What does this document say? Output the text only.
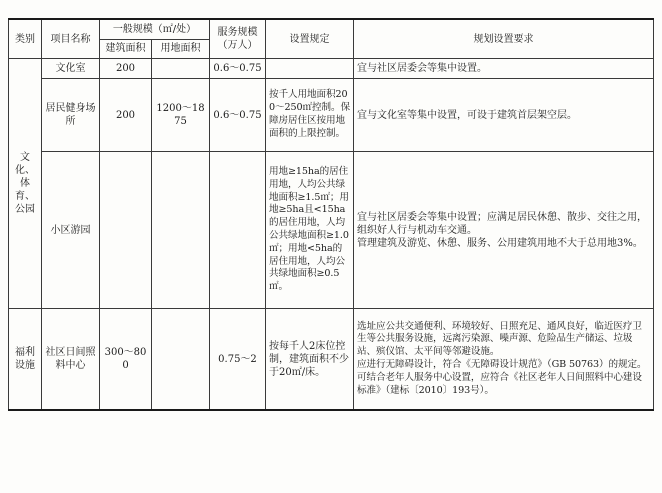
类别	项目名称	一般规模（㎡/处）		服务规模（万人）	设置规定	规划设置要求
		建筑面积	用地面积			
文化、体育、公园	文化室	200		0.6～0.75		宜与社区居委会等集中设置。

	居民健身场所	200	1200～1875	0.6～0.75	按千人用地面积200～250㎡控制。保障房居住区按用地面积的上限控制。	宜与文化室等集中设置，可设于建筑首层架空层。

	小区游园				用地≥15ha的居住用地，人均公共绿地面积≥1.5㎡；用地≥5ha且<15ha的居住用地，人均公共绿地面积≥1.0㎡；用地<5ha的居住用地，人均公共绿地面积≥0.5㎡。	宜与社区居委会等集中设置；应满足居民休憩、散步、交往之用，组织好人行与机动车交通。

管理建筑及游览、休憩、服务、公用建筑用地不大于总用地3%。

福利设施	社区日间照料中心	300～800		0.75～2	按每千人2床位控制，建筑面积不少于20㎡/床。	选址应公共交通便利、环境较好、日照充足、通风良好，临近医疗卫生等公共服务设施，远离污染源、噪声源、危险品生产储运、垃圾站、殡仪馆、太平间等邻避设施。

应进行无障碍设计，符合《无障碍设计规范》（GB 50763）的规定。

可结合老年人服务中心设置，应符合《社区老年人日间照料中心建设标准》（建标〔2010〕193号）。
